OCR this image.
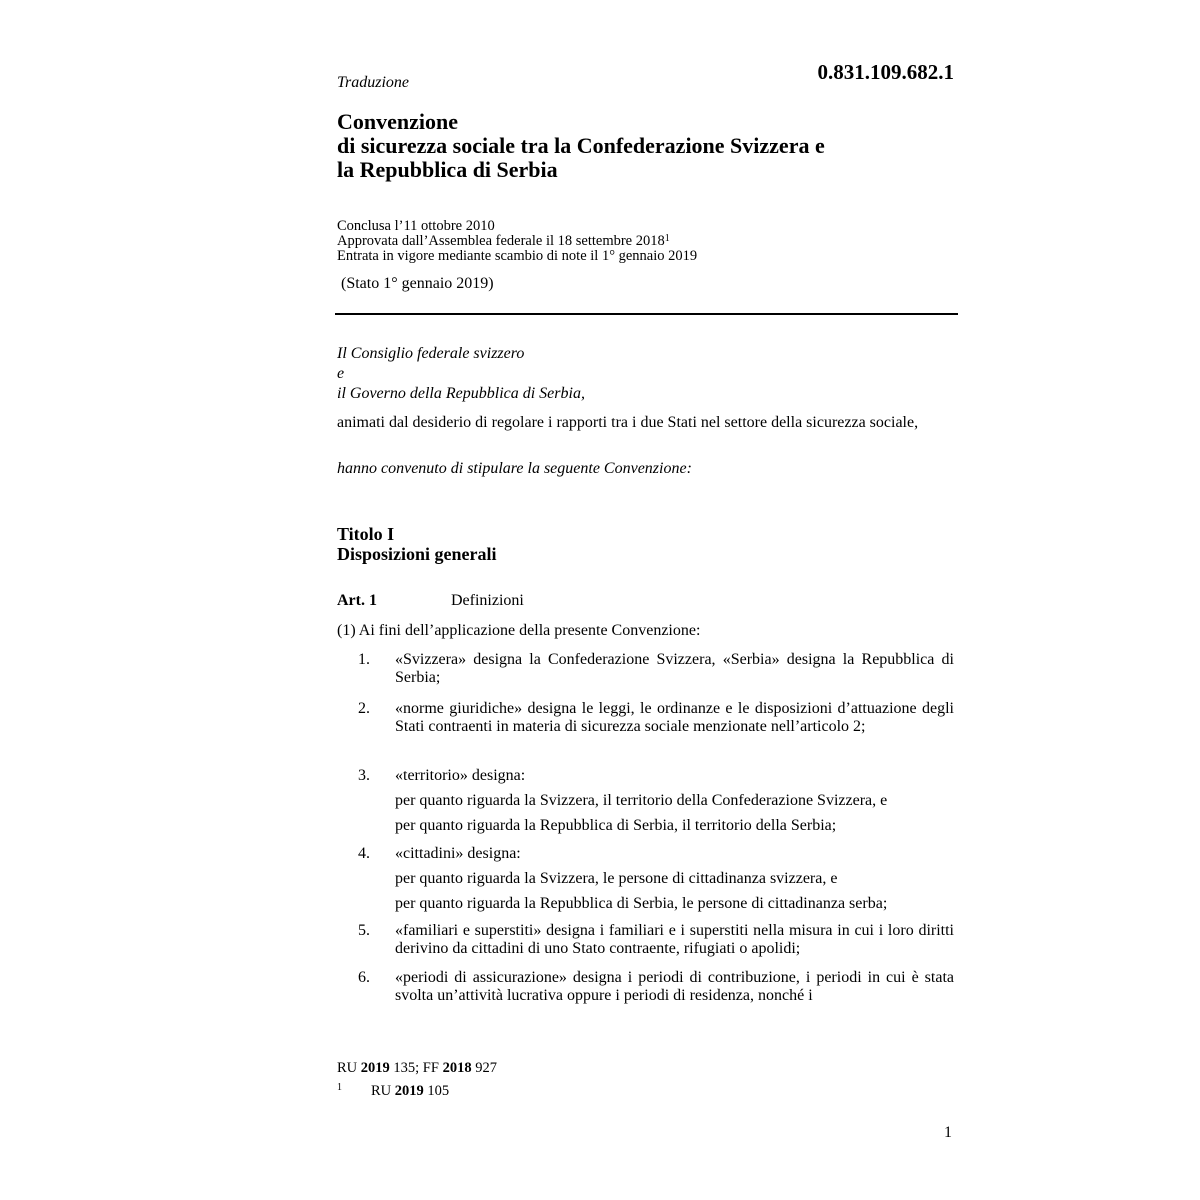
0.831.109.682.1
Traduzione
Convenzione
di sicurezza sociale tra la Confederazione Svizzera e
la Repubblica di Serbia
Conclusa l’11 ottobre 2010
Approvata dall’Assemblea federale il 18 settembre 2018$^1$
Entrata in vigore mediante scambio di note il 1° gennaio 2019
(Stato 1° gennaio 2019)
Il Consiglio federale svizzero
e
il Governo della Repubblica di Serbia,
animati dal desiderio di regolare i rapporti tra i due Stati nel settore della sicurezza sociale,
hanno convenuto di stipulare la seguente Convenzione:
Titolo I
Disposizioni generali
Art. 1	Definizioni
(1) Ai fini dell’applicazione della presente Convenzione:
1. «Svizzera» designa la Confederazione Svizzera, «Serbia» designa la Repubblica di Serbia;
2. «norme giuridiche» designa le leggi, le ordinanze e le disposizioni d’attuazione degli Stati contraenti in materia di sicurezza sociale menzionate nell’articolo 2;
3. «territorio» designa:
per quanto riguarda la Svizzera, il territorio della Confederazione Svizzera, e
per quanto riguarda la Repubblica di Serbia, il territorio della Serbia;
4. «cittadini» designa:
per quanto riguarda la Svizzera, le persone di cittadinanza svizzera, e
per quanto riguarda la Repubblica di Serbia, le persone di cittadinanza serba;
5. «familiari e superstiti» designa i familiari e i superstiti nella misura in cui i loro diritti derivino da cittadini di uno Stato contraente, rifugiati o apolidi;
6. «periodi di assicurazione» designa i periodi di contribuzione, i periodi in cui è stata svolta un’attività lucrativa oppure i periodi di residenza, nonché i
RU 2019 135; FF 2018 927
1 RU 2019 105
1
